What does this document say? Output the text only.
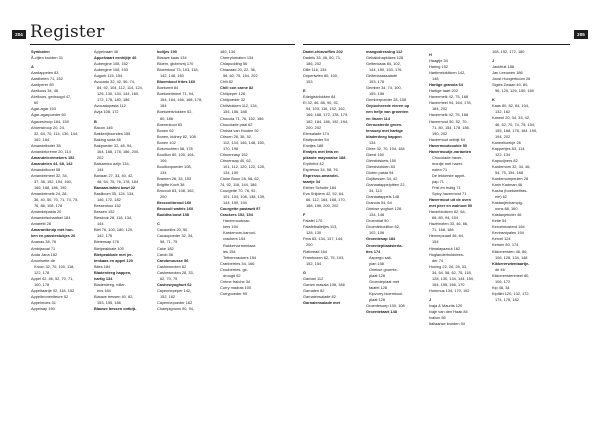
204	205
Register
Symbolen
Ã-vijlen kruiden 31
A
Aardappelen 83
Aardbeien 71, 152
Aardperer 89
Abrikoos 34, 46
Abrikoos, gedroogd 47,
60
Agar-agar 153
Agar-agarpoeder 60
Agavesiroop 164, 150
Ahornsiroop 20, 24,
32, 64, 70, 114, 130, 144,
162, 164
Amandelboter 38
Amandelcrème 20, 114
Amandelcrèmekers 152
Amandelen 44, 68, 142
Amandelkorst 58
Amandelmeel 32, 34,
37, 38, 152, 154, 160,
166, 168, 186, 190
Amandelmelk 24, 28,
36, 40, 50, 70, 71, 74, 75,
76, 88, 108, 178
Amandelpasta 20
Amandelschaafsel 184
Amaretti 28
Amarantkruip met hon-
ken en passiestukjes 26
Ananas 38, 76
Ambijssoal 71
Anda Jana 162
Amorisette de
Kroon 32, 70, 100, 118,
122, 178
Appel 42, 46, 52, 70, 71,
100, 178
Appeltaartje 92, 118, 152
Appelbroneniteure 52
Appelmoes 31
Appelsap 150
Appelvaart 46
Appelvaart eenhijtje 46
Aubergine 108, 162
Aubergine 108, 153
Augurk 115, 154
Avocado 32, 42, 56, 74,
84, 92, 104, 112, 114, 124,
126, 130, 134, 144, 160,
172, 178, 180, 186
Avocadopasta 112
Avija 108, 172
B
Bacon 146
Bakkerijboondes 155
Baking soda 46
Bakpoeder 32, 48, 94,
164, 168, 178, 186, 200,
202
Balsamico azijn 134,
144
Banaan 27, 33, 40, 42,
46, 54, 75, 76, 178, 184
Banaan-tahini bowl 22
Basilicum 35, 124, 134,
146, 172, 182
Bessenkoo 152
Bessen 152
Bieslook 28, 118, 134,
144
Biet 76, 100, 180, 120,
142, 176
Bietensap 176
Bietpeakkale 100
Bietpeakkale met jer-
tenkaas en appel 120
Bites 184
Bladerdeeg happen,
hartig 134
Bladerdeeg, roller-
ens 184
Blauwe bessen 40, 62,
153, 155, 186
Blauwe bessen ontbijt-
bolijes 190
Blauwe kaas 134
Bloem, glutenvrij 170
Bloemkool 73, 103, 118,
142, 148, 160
Bloemkool frites 160
Boekweit 84
Boekweitmeel 71, 94,
154, 164, 166, 168, 178,
184
Boekweitvlokken 52,
60, 186
Boerenkool 83
Bonen 62
Bonen, kidney 82, 108
Bonen 102
Bosvruchten 58, 178
Bouillon 80, 100, 104,
106
Bouillonpoeder 108,
134
Bramen 28, 33, 153
Brigitte Koch 38
Broccoli 83, 108, 162,
200
Broccolibrood 160
Broccoli wafels 160
Buddha bowl 158
C
Cacaonibs 20, 50
Cacaopoeder 32, 34,
58, 71, 75
Cake 182
Carob 56
Carobmousse 56
Cashewnoten 62
Cashewnoten 28, 33,
62, 70, 75
Cashewyoghurt 62
Cayennepeper 142,
152, 162
Cayennepoeder 162
Champignons 90, 94,
180, 134
Cherrytomaten 134
Chiapudding 56
Chiazaad 20, 22, 36,
58, 60, 75, 154, 202
Chili 82
Chili con carne 82
Chilipeper 128
Chilipoeder 32
Chilivlokken 112, 134,
154, 156, 188
Chocola 71, 76, 152, 186
Chocolade paal 62
Christa van Houten 92
Citroen 28, 38, 52,
112, 134, 146, 148, 150,
170, 198
Citroenrasp 152
Citroensap 40, 62,
101, 112, 120, 122, 128,
134, 150
Claire Boon 28, 58, 62,
74, 92, 116, 144, 186
Courgette 70, 76, 92,
101, 104, 108, 138, 139,
144, 150, 194
Courgette pastawit 97
Crackers 152, 154
Havermoutcrac-
kers 154
Kardemom-kanool-
crackers 154
Rakkervormentaar-
ies 154
Tefbercrackers 154
Cranberries 34, 166
Crouberries, ge-
droogd 62
Crème fraîche 34
Curry madras 100
Currypoeder 90
Dadel-chiavuffles 202
Dadels 33, 46, 50, 71,
186, 202
Dille 116, 134
Dopertwten 80, 100,
153
E
Edelgistvlokken 84
Ei 32, 46, 88, 90, 92,
94, 103, 116, 152, 162,
166, 168, 172, 178, 179,
182, 184, 186, 192, 194,
200, 202
Eiersalade 174
Eiwitpoeder 54
Erwtjes 188
Erwtjes met feta en
pikante mayonaise 188
Erythritol 42
Espresso 34, 58, 76
Espresso-amandel-
taartje 34
Esther Schutte 184
Eva Snijders 42, 52, 64,
66, 112, 164, 168, 170,
188, 196, 200, 202
F
Falafel 170
Falafelballetjes 113,
128, 130
Feta 83, 134, 137, 144,
200
Flatbread 164
Frambozen 62, 75, 103,
152, 154
G
Garbari 112
Garam masala 108, 186
Garnalen 82
Garnalensalade 82
Garnalensalade met
mangodressing 112
Gebakchapklizes 128
Geitenkaas 84, 102,
144, 150, 153, 176
Geitenkaassalade
153, 176
Gember 34, 74, 100,
155, 156
Gemberpoeder 28, 108
Gepocheerde eieren op
een hefje van groenten
en linzen 114
Geroosterde groen-
tensoep met hartige
bladerdeeg happen
134
Ghee 32, 70, 104, 184
Gierst 150
Gierstbiskets 150
Gierstvlokken 83
Gluten pasta 94
Gojibessen 34, 42
Granaatappelpitten 22,
34, 113
Granaatappels 148
Granola 54, 64
Griekse yoghurt 128,
134, 148
Groenblaf 90
Groentebouillon 82,
102, 106
Groentesap 184
Groentepliaatsteria-
ties 174
Aspergo salt-
pian 158
Griekse groente-
plaat 128
Groenteplaat met
falafel 128
Kipvorry bloemkool-
plaat 128
Groentesoep 100, 108
Groentetaart 148
H
Haagtje 34
Haring 152
Hartimeloklkken 142,
148
Hartige granola 64
Hartige taart 202
Havermelk 42, 75, 168
Havermeel 94, 164, 178,
184, 202
Havermelk 42, 75, 168
Havermout 50, 52, 70,
71, 80, 154, 178, 186,
190, 202
Havermout ontbijt 64
Havermoutcookie 50
Havermoutje-varianten
Chocolade haver-
moutje met hazel-
noten 71
De lekkerste appel-
pap 71
Frisi en fruitig 71
Spicy havermout 71
Havermout uit de oven
met peer en walnoot 50
Haverblokken 62, 64,
66, 80, 94, 154
Hazelnoten 33, 46, 66,
71, 168, 186
Hennepzaad 46, 64,
154
Himalayazout 162
Hoglanderbolddees-
der 74
Honing 22, 26, 28, 33,
34, 54, 58, 62, 75, 118,
128, 130, 134, 144, 150,
154, 155, 166, 170
Hummus 134, 170, 192
J
Ivaja & Maurits 120
Ivaje van den Haak 84
Ivallon 56
Italiaanse kruiden 94
108, 152, 172, 180
J
Jackfruit 188
Jan Leeuwen 186
Joost Hoogerboom 26
Sigles Zwaan 40, 80,
96, 120, 126, 150, 160
K
Kaas 80, 82, 84, 104,
132, 162
Kaneel 20, 34, 33, 42,
46, 52, 70, 74, 75, 154,
155, 168, 178, 184, 190,
194, 202
Kaneelkoekje 26
Kappertjes 83, 114,
122, 134
Kapucijners 82
Kardemom 32, 34, 46,
54, 75, 154, 168
Kardemompeulen 28
Karin Kadman 46
Kasha (boekweitras-
ele) 62
Kastanjechampig-
nons 88, 160
Kastanjeboter 46
Keite 54
Kervelmosterd 164
Kevinsmyalen 194
Kervel 124
Kersen 80, 174
Kikkererwten 46, 86,
106, 128, 134, 148
Kikkererwtentaartje-
de 46
Kikkererwtenmeel 80,
106, 172
Kip 48, 34
Kipfilet 120, 132, 172,
174, 176, 182
